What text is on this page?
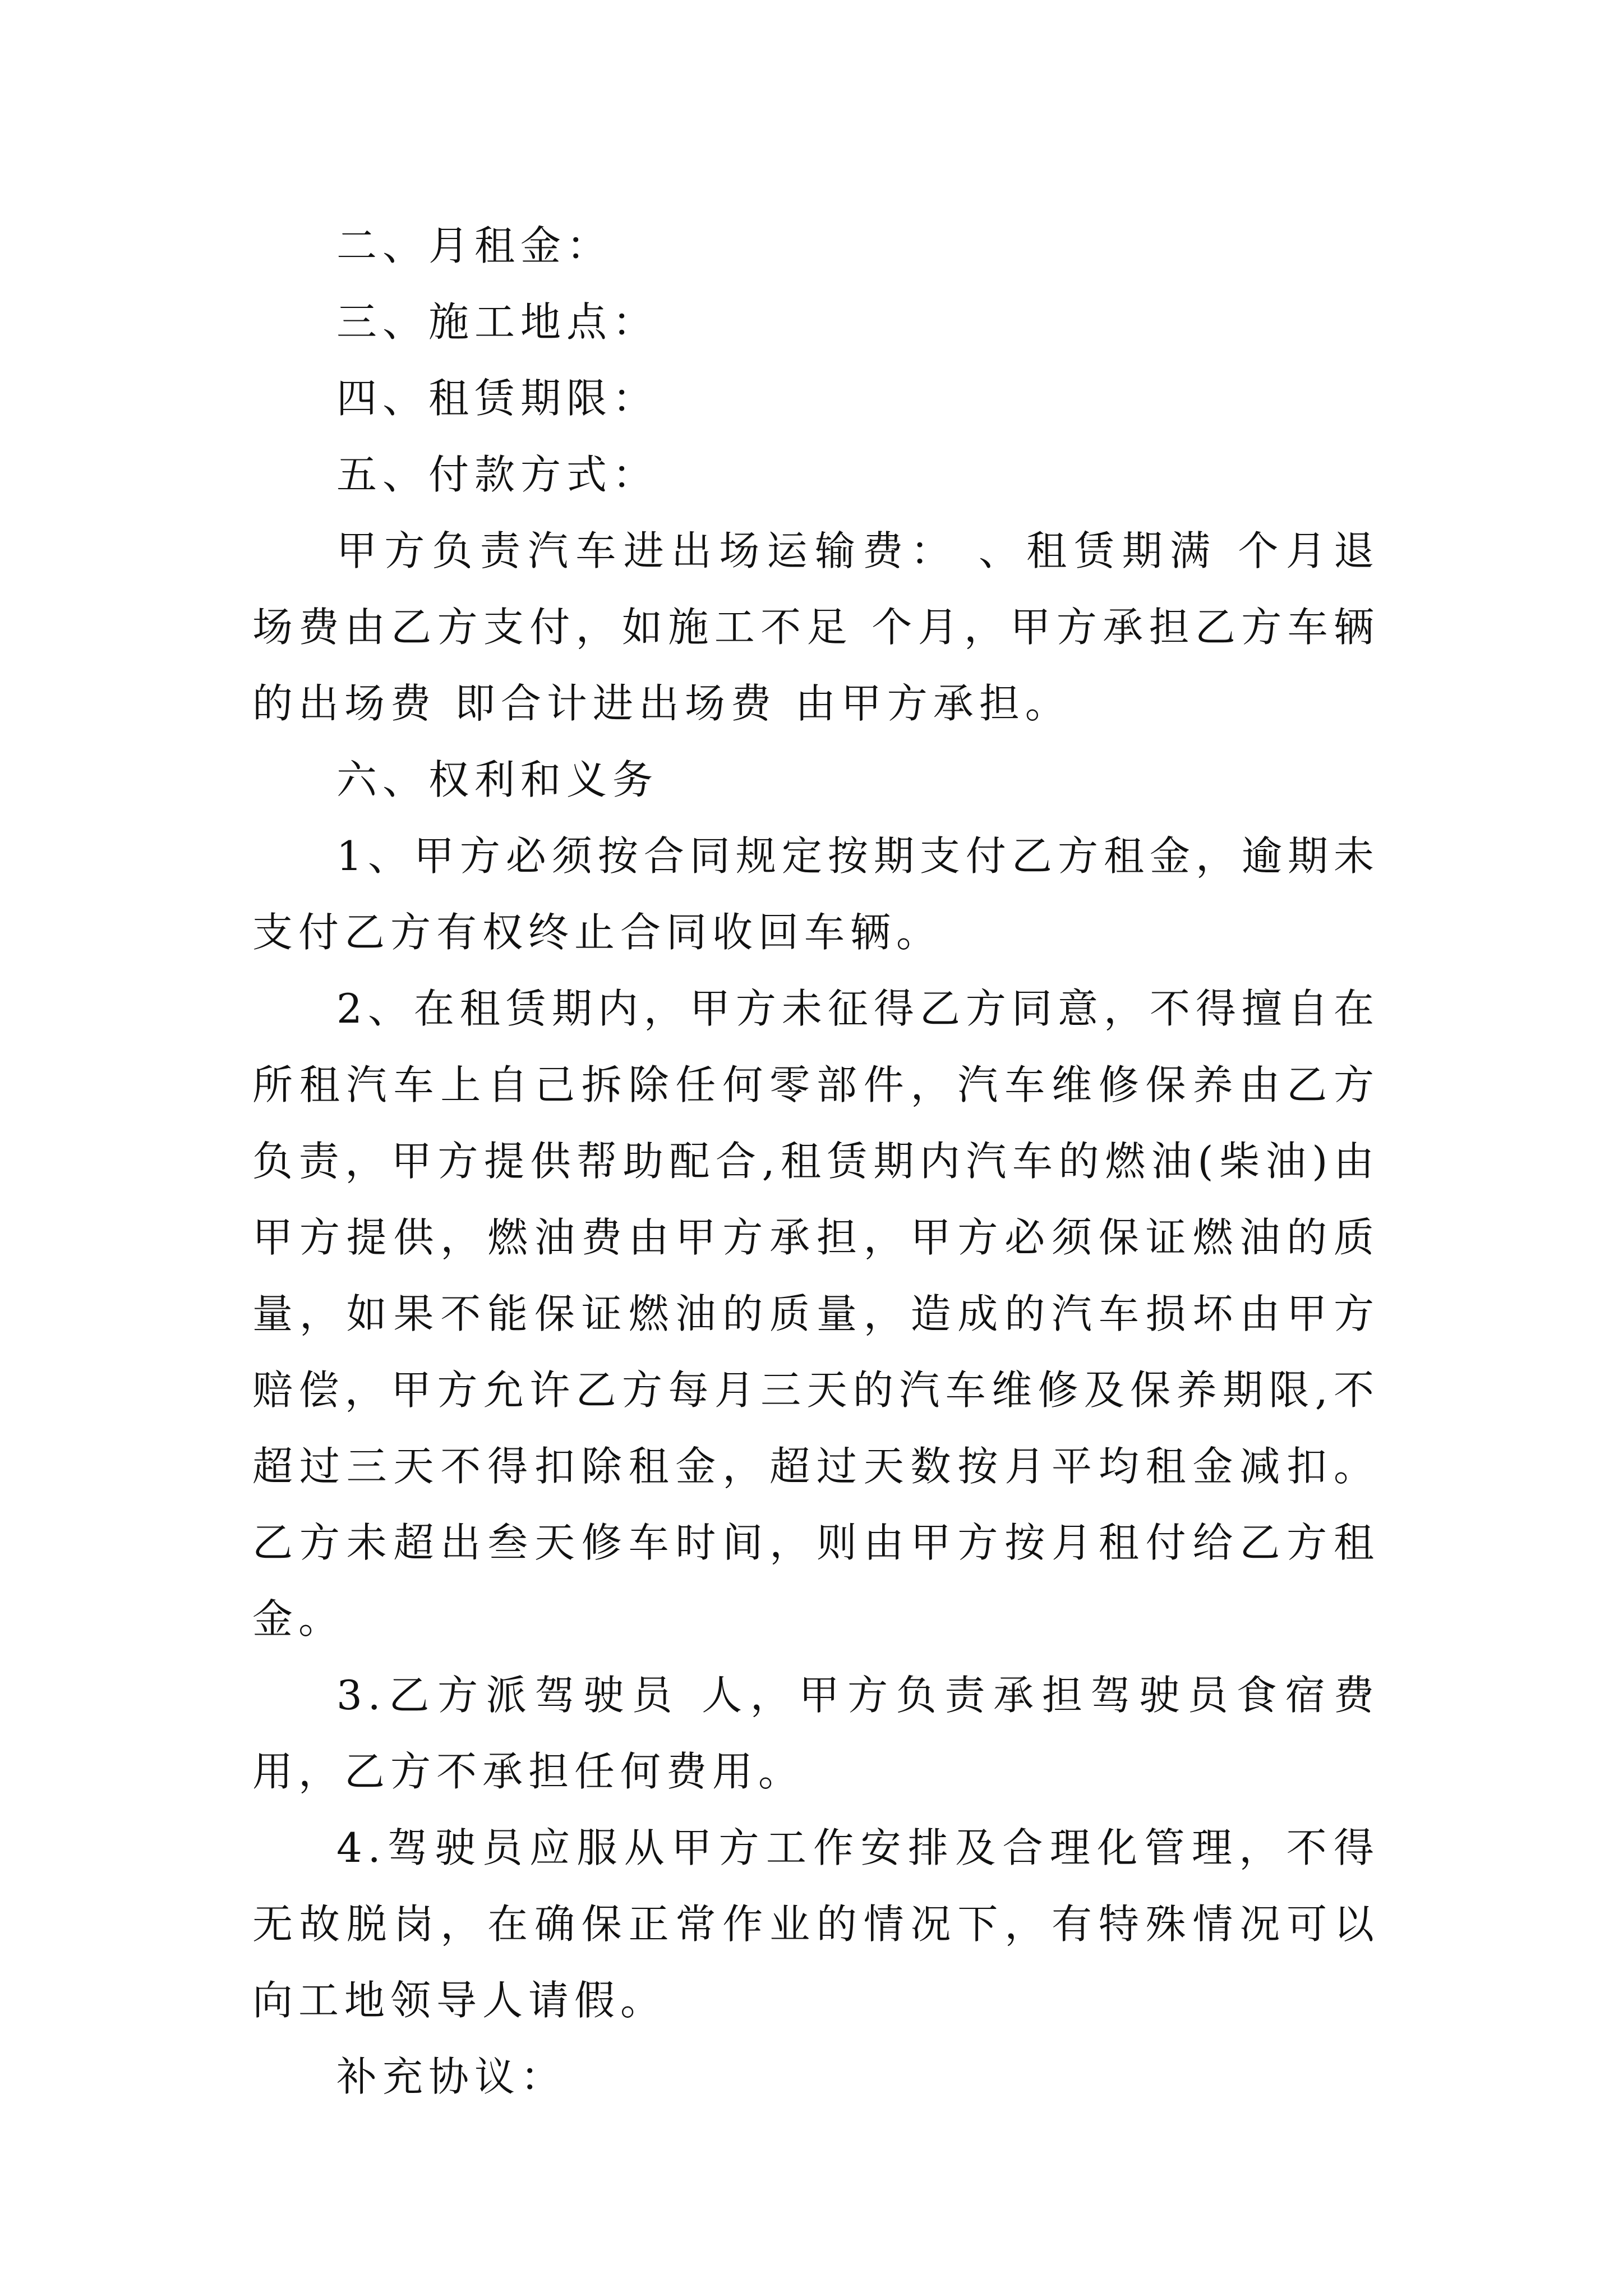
二、月租金：

三、施工地点：

四、租赁期限：

五、付款方式：

甲方负责汽车进出场运输费： 、租赁期满 个月退场费由乙方支付，如施工不足 个月，甲方承担乙方车辆的出场费 即合计进出场费 由甲方承担。

六、权利和义务

1、甲方必须按合同规定按期支付乙方租金，逾期未支付乙方有权终止合同收回车辆。

2、在租赁期内，甲方未征得乙方同意，不得擅自在所租汽车上自己拆除任何零部件，汽车维修保养由乙方负责，甲方提供帮助配合,租赁期内汽车的燃油(柴油)由甲方提供，燃油费由甲方承担，甲方必须保证燃油的质量，如果不能保证燃油的质量，造成的汽车损坏由甲方赔偿，甲方允许乙方每月三天的汽车维修及保养期限,不超过三天不得扣除租金，超过天数按月平均租金减扣。乙方未超出叁天修车时间，则由甲方按月租付给乙方租金。

3.乙方派驾驶员 人，甲方负责承担驾驶员食宿费用，乙方不承担任何费用。

4.驾驶员应服从甲方工作安排及合理化管理，不得无故脱岗，在确保正常作业的情况下，有特殊情况可以向工地领导人请假。

补充协议：
